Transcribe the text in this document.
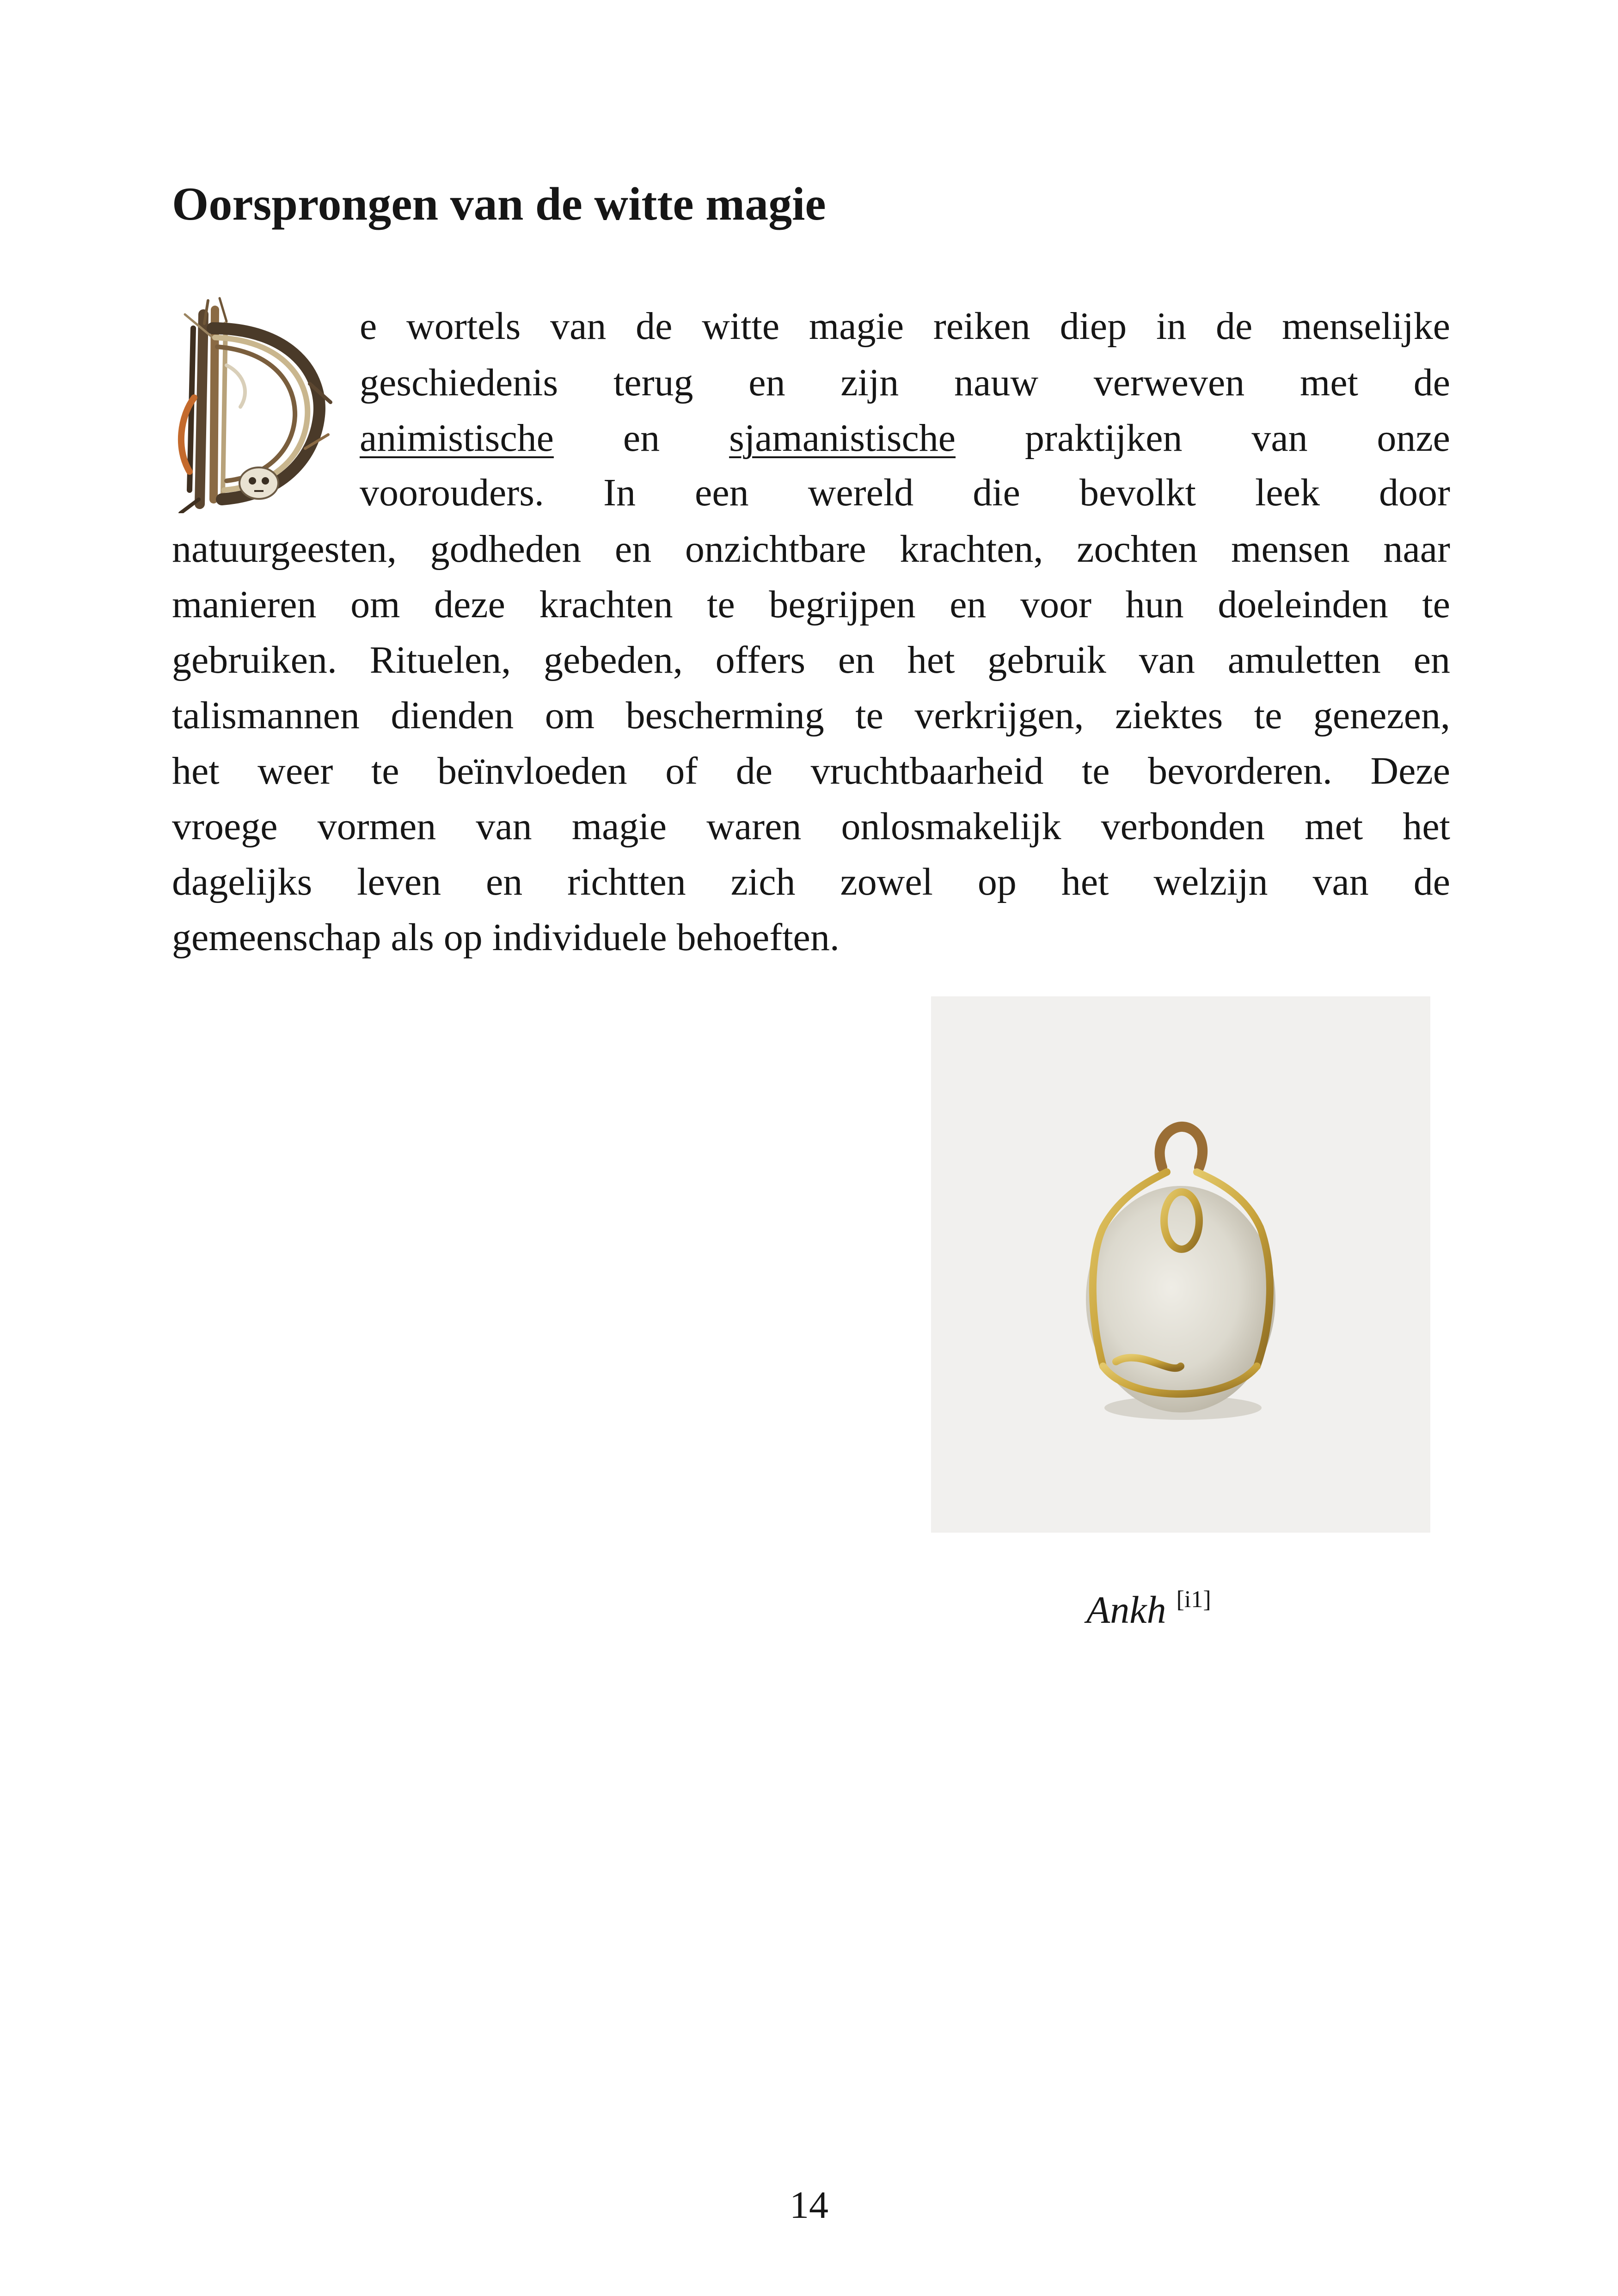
Oorsprongen van de witte magie

e wortels van de witte magie reiken diep in de menselijke

geschiedenis terug en zijn nauw verweven met de

animistische en sjamanistische praktijken van onze

voorouders. In een wereld die bevolkt leek door

natuurgeesten, godheden en onzichtbare krachten, zochten mensen naar

manieren om deze krachten te begrijpen en voor hun doeleinden te

gebruiken. Rituelen, gebeden, offers en het gebruik van amuletten en

talismannen dienden om bescherming te verkrijgen, ziektes te genezen,

het weer te beïnvloeden of de vruchtbaarheid te bevorderen. Deze

vroege vormen van magie waren onlosmakelijk verbonden met het

dagelijks leven en richtten zich zowel op het welzijn van de

gemeenschap als op individuele behoeften.

Ankh [i1]

14
